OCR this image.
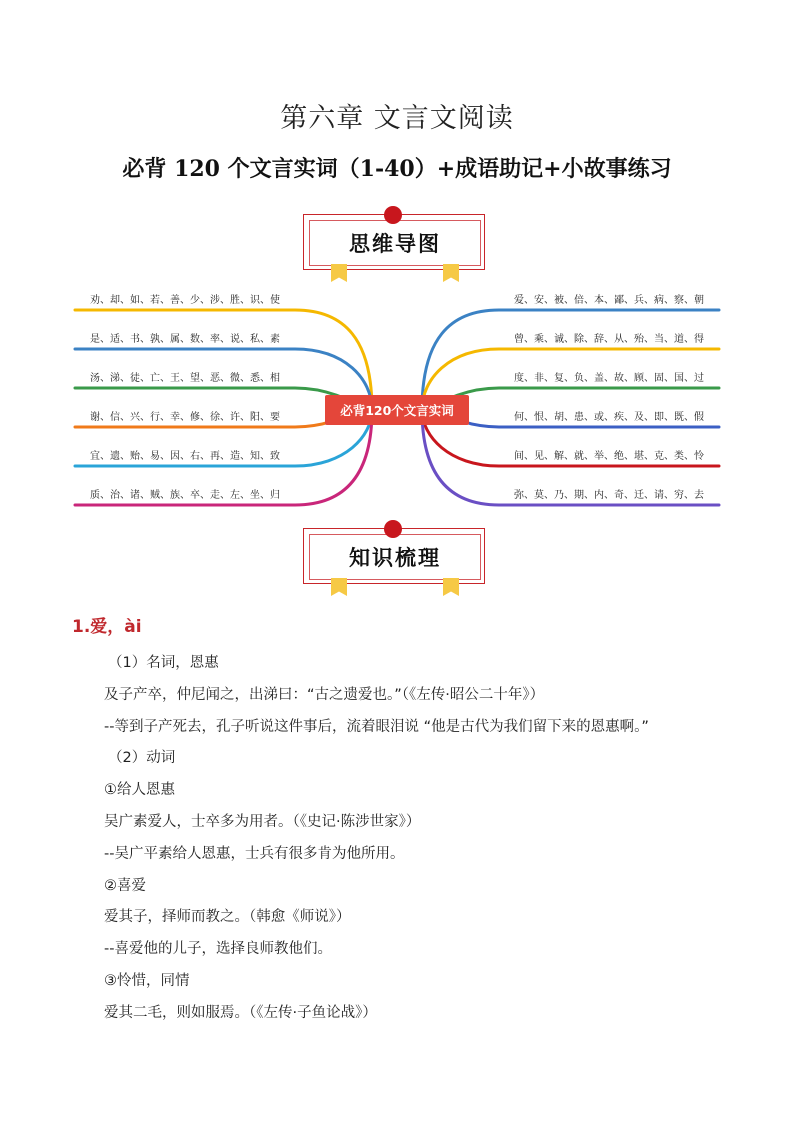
第六章 文言文阅读
必背 120 个文言实词（1-40）+成语助记+小故事练习
思维导图
劝、却、如、若、善、少、涉、胜、识、使
是、适、书、孰、属、数、率、说、私、素
汤、涕、徒、亡、王、望、恶、微、悉、相
谢、信、兴、行、幸、修、徐、许、阳、要
宜、遗、贻、易、因、右、再、造、知、致
质、治、诸、贼、族、卒、走、左、坐、归
爱、安、被、倍、本、鄙、兵、病、察、朝
曾、乘、诚、除、辞、从、殆、当、道、得
度、非、复、负、盖、故、顾、固、国、过
何、恨、胡、患、或、疾、及、即、既、假
间、见、解、就、举、绝、堪、克、类、怜
弥、莫、乃、期、内、奇、迁、请、穷、去
必背120个文言实词
知识梳理
1.爱，ài
（1）名词，恩惠
及子产卒，仲尼闻之，出涕曰：“古之遗爱也。”（《左传·昭公二十年》）
--等到子产死去，孔子听说这件事后，流着眼泪说 “他是古代为我们留下来的恩惠啊。”
（2）动词
①给人恩惠
吴广素爱人，士卒多为用者。（《史记·陈涉世家》）
--吴广平素给人恩惠，士兵有很多肯为他所用。
②喜爱
爱其子，择师而教之。（韩愈《师说》）
--喜爱他的儿子，选择良师教他们。
③怜惜，同情
爱其二毛，则如服焉。（《左传·子鱼论战》）
